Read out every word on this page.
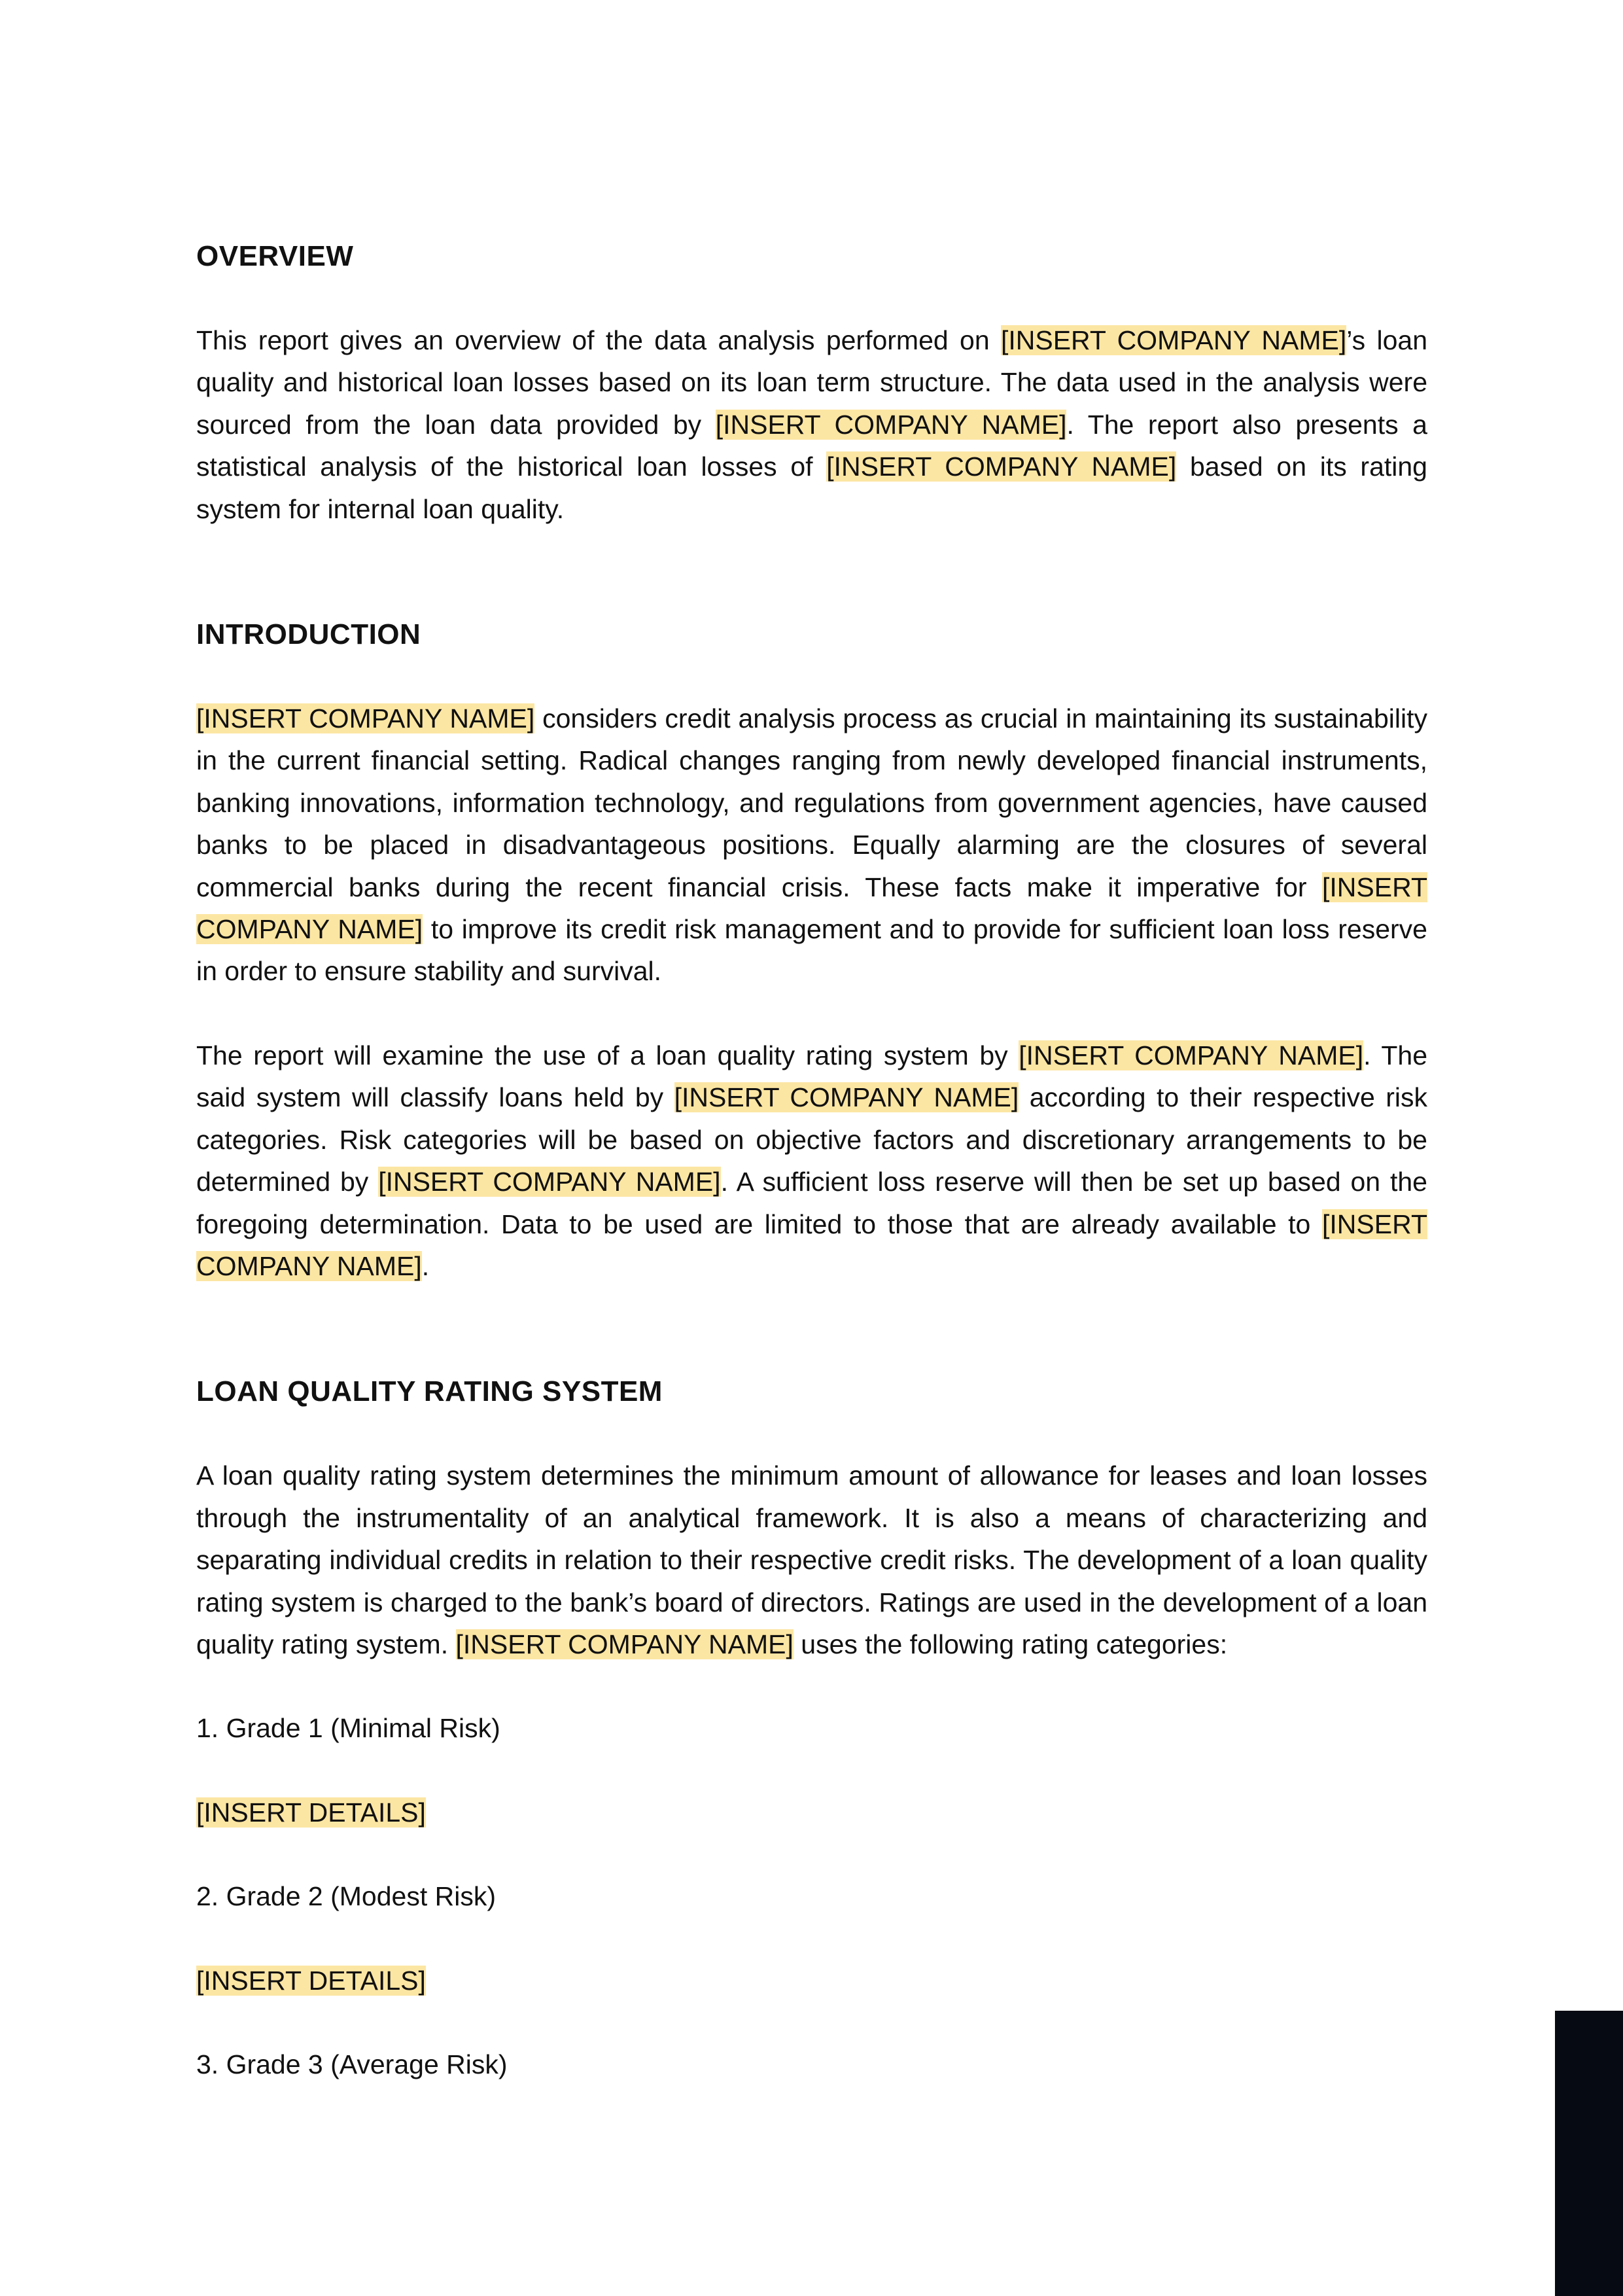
OVERVIEW

This report gives an overview of the data analysis performed on [INSERT COMPANY NAME]’s loan quality and historical loan losses based on its loan term structure. The data used in the analysis were sourced from the loan data provided by [INSERT COMPANY NAME]. The report also presents a statistical analysis of the historical loan losses of [INSERT COMPANY NAME] based on its rating system for internal loan quality.

INTRODUCTION

[INSERT COMPANY NAME] considers credit analysis process as crucial in maintaining its sustainability in the current financial setting. Radical changes ranging from newly developed financial instruments, banking innovations, information technology, and regulations from government agencies, have caused banks to be placed in disadvantageous positions. Equally alarming are the closures of several commercial banks during the recent financial crisis. These facts make it imperative for [INSERT COMPANY NAME] to improve its credit risk management and to provide for sufficient loan loss reserve in order to ensure stability and survival.

The report will examine the use of a loan quality rating system by [INSERT COMPANY NAME]. The said system will classify loans held by [INSERT COMPANY NAME] according to their respective risk categories. Risk categories will be based on objective factors and discretionary arrangements to be determined by [INSERT COMPANY NAME]. A sufficient loss reserve will then be set up based on the foregoing determination. Data to be used are limited to those that are already available to [INSERT COMPANY NAME].

LOAN QUALITY RATING SYSTEM

A loan quality rating system determines the minimum amount of allowance for leases and loan losses through the instrumentality of an analytical framework. It is also a means of characterizing and separating individual credits in relation to their respective credit risks. The development of a loan quality rating system is charged to the bank’s board of directors. Ratings are used in the development of a loan quality rating system. [INSERT COMPANY NAME] uses the following rating categories:

1. Grade 1 (Minimal Risk)
[INSERT DETAILS]
2. Grade 2 (Modest Risk)
[INSERT DETAILS]
3. Grade 3 (Average Risk)
